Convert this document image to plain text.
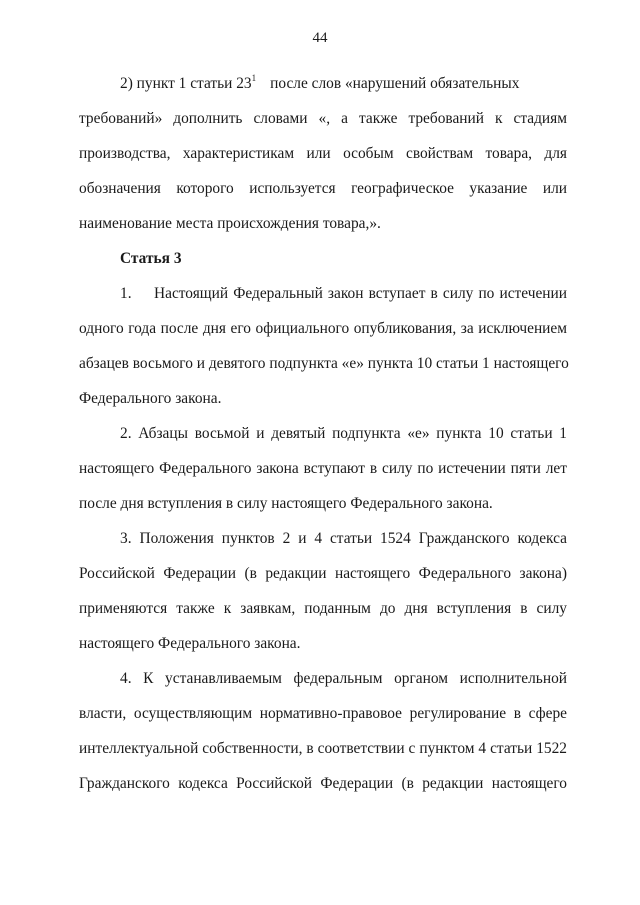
44
2) пункт 1 статьи $23^1$ после слов «нарушений обязательных
требований» дополнить словами «, а также требований к стадиям
производства, характеристикам или особым свойствам товара, для
обозначения которого используется географическое указание или
наименование места происхождения товара,».
Статья 3
1. Настоящий Федеральный закон вступает в силу по истечении
одного года после дня его официального опубликования, за исключением
абзацев восьмого и девятого подпункта «е» пункта 10 статьи 1 настоящего
Федерального закона.
2. Абзацы восьмой и девятый подпункта «е» пункта 10 статьи 1
настоящего Федерального закона вступают в силу по истечении пяти лет
после дня вступления в силу настоящего Федерального закона.
3. Положения пунктов 2 и 4 статьи 1524 Гражданского кодекса
Российской Федерации (в редакции настоящего Федерального закона)
применяются также к заявкам, поданным до дня вступления в силу
настоящего Федерального закона.
4. К устанавливаемым федеральным органом исполнительной
власти, осуществляющим нормативно-правовое регулирование в сфере
интеллектуальной собственности, в соответствии с пунктом 4 статьи 1522
Гражданского кодекса Российской Федерации (в редакции настоящего
